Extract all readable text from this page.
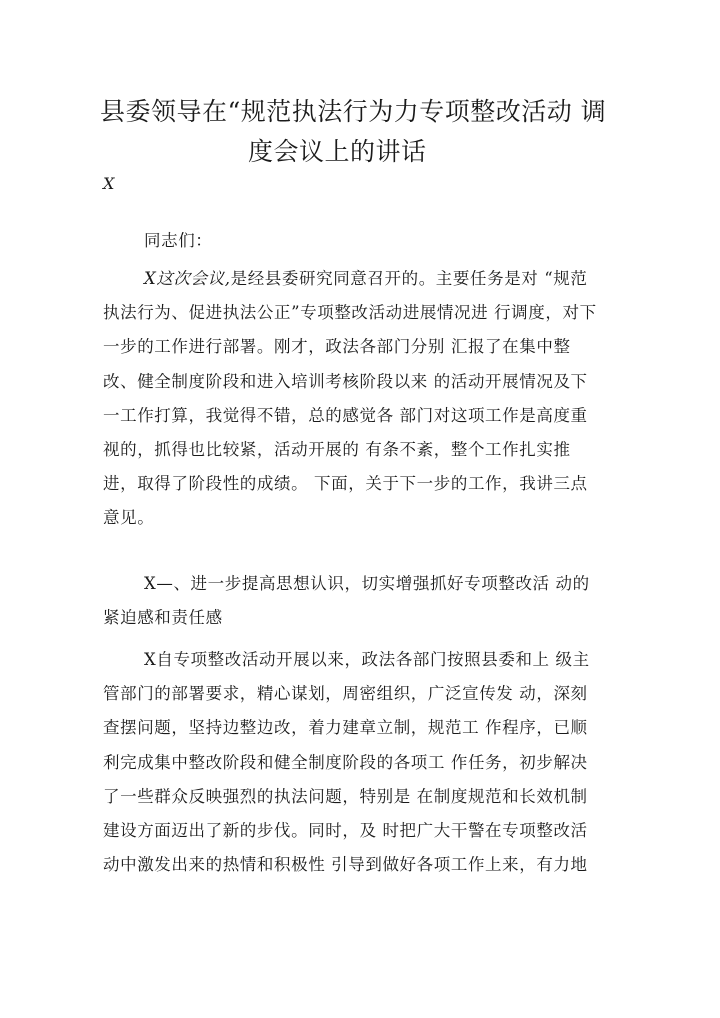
县委领导在“规范执法行为力专项整改活动 调
度会议上的讲话
X

同志们：

X这次会议,是经县委研究同意召开的。主要任务是对 “规范执法行为、促进执法公正”专项整改活动进展情况进 行调度，对下一步的工作进行部署。刚才，政法各部门分别 汇报了在集中整改、健全制度阶段和进入培训考核阶段以来 的活动开展情况及下一工作打算，我觉得不错，总的感觉各 部门对这项工作是高度重视的，抓得也比较紧，活动开展的 有条不紊，整个工作扎实推进，取得了阶段性的成绩。 下面，关于下一步的工作，我讲三点意见。

X—、进一步提高思想认识，切实增强抓好专项整改活 动的紧迫感和责任感

X自专项整改活动开展以来，政法各部门按照县委和上 级主管部门的部署要求，精心谋划，周密组织，广泛宣传发 动，深刻查摆问题，坚持边整边改，着力建章立制，规范工 作程序，已顺利完成集中整改阶段和健全制度阶段的各项工 作任务，初步解决了一些群众反映强烈的执法问题，特别是 在制度规范和长效机制建设方面迈出了新的步伐。同时，及 时把广大干警在专项整改活动中激发出来的热情和积极性 引导到做好各项工作上来，有力地
